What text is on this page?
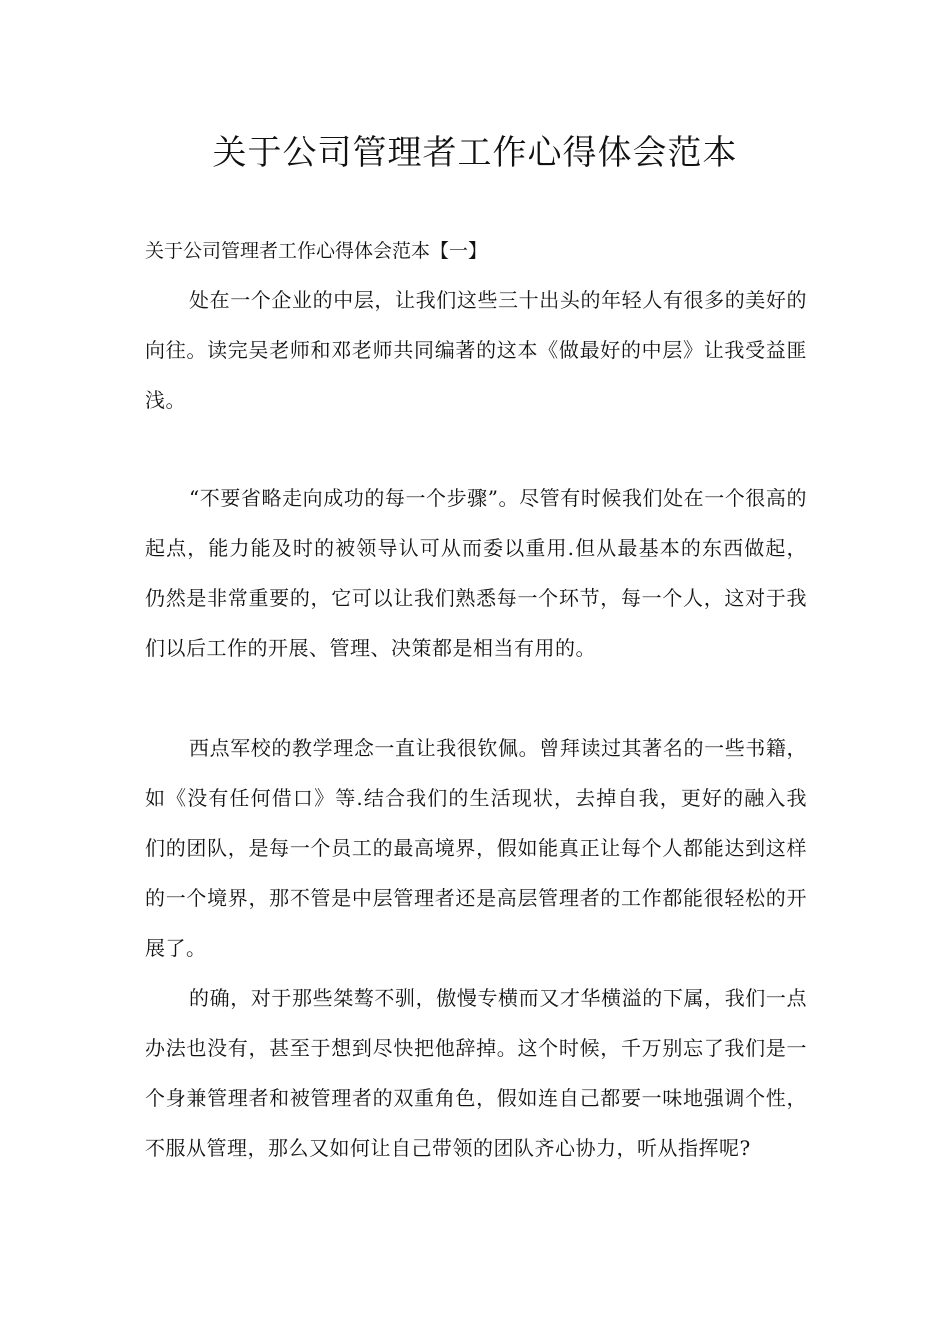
关于公司管理者工作心得体会范本

关于公司管理者工作心得体会范本【一】

处在一个企业的中层，让我们这些三十出头的年轻人有很多的美好的向往。读完吴老师和邓老师共同编著的这本《做最好的中层》让我受益匪浅。

“不要省略走向成功的每一个步骤”。尽管有时候我们处在一个很高的起点，能力能及时的被领导认可从而委以重用.但从最基本的东西做起，仍然是非常重要的，它可以让我们熟悉每一个环节，每一个人，这对于我们以后工作的开展、管理、决策都是相当有用的。

西点军校的教学理念一直让我很钦佩。曾拜读过其著名的一些书籍，如《没有任何借口》等.结合我们的生活现状，去掉自我，更好的融入我们的团队，是每一个员工的最高境界，假如能真正让每个人都能达到这样的一个境界，那不管是中层管理者还是高层管理者的工作都能很轻松的开展了。

的确，对于那些桀骜不驯，傲慢专横而又才华横溢的下属，我们一点办法也没有，甚至于想到尽快把他辞掉。这个时候，千万别忘了我们是一个身兼管理者和被管理者的双重角色，假如连自己都要一味地强调个性，不服从管理，那么又如何让自己带领的团队齐心协力，听从指挥呢?
